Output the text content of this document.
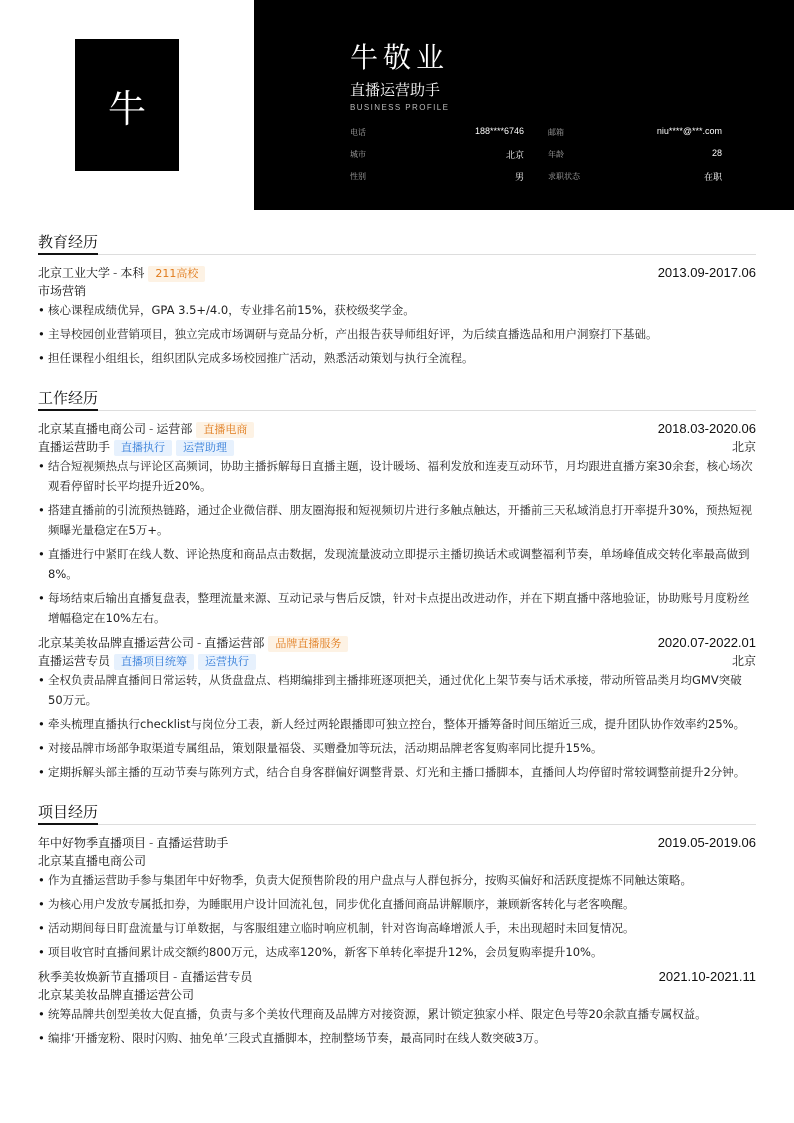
牛
牛敬业
直播运营助手
BUSINESS PROFILE
电话	188****6746	邮箱	niu****@***.com
城市	北京	年龄	28
性别	男	求职状态	在职
教育经历
北京工业大学 - 本科 211高校	2013.09-2017.06
市场营销
• 核心课程成绩优异，GPA 3.5+/4.0，专业排名前15%，获校级奖学金。
• 主导校园创业营销项目，独立完成市场调研与竞品分析，产出报告获导师组好评，为后续直播选品和用户洞察打下基础。
• 担任课程小组组长，组织团队完成多场校园推广活动，熟悉活动策划与执行全流程。
工作经历
北京某直播电商公司 - 运营部 直播电商	2018.03-2020.06
直播运营助手 直播执行 运营助理	北京
• 结合短视频热点与评论区高频词，协助主播拆解每日直播主题，设计暖场、福利发放和连麦互动环节，月均跟进直播方案30余套，核心场次观看停留时长平均提升近20%。
• 搭建直播前的引流预热链路，通过企业微信群、朋友圈海报和短视频切片进行多触点触达，开播前三天私域消息打开率提升30%，预热短视频曝光量稳定在5万+。
• 直播进行中紧盯在线人数、评论热度和商品点击数据，发现流量波动立即提示主播切换话术或调整福利节奏，单场峰值成交转化率最高做到8%。
• 每场结束后输出直播复盘表，整理流量来源、互动记录与售后反馈，针对卡点提出改进动作，并在下期直播中落地验证，协助账号月度粉丝增幅稳定在10%左右。
北京某美妆品牌直播运营公司 - 直播运营部 品牌直播服务	2020.07-2022.01
直播运营专员 直播项目统筹 运营执行	北京
• 全权负责品牌直播间日常运转，从货盘盘点、档期编排到主播排班逐项把关，通过优化上架节奏与话术承接，带动所管品类月均GMV突破50万元。
• 牵头梳理直播执行checklist与岗位分工表，新人经过两轮跟播即可独立控台，整体开播筹备时间压缩近三成，提升团队协作效率约25%。
• 对接品牌市场部争取渠道专属组品，策划限量福袋、买赠叠加等玩法，活动期品牌老客复购率同比提升15%。
• 定期拆解头部主播的互动节奏与陈列方式，结合自身客群偏好调整背景、灯光和主播口播脚本，直播间人均停留时常较调整前提升2分钟。
项目经历
年中好物季直播项目 - 直播运营助手	2019.05-2019.06
北京某直播电商公司
• 作为直播运营助手参与集团年中好物季，负责大促预售阶段的用户盘点与人群包拆分，按购买偏好和活跃度提炼不同触达策略。
• 为核心用户发放专属抵扣券，为睡眠用户设计回流礼包，同步优化直播间商品讲解顺序，兼顾新客转化与老客唤醒。
• 活动期间每日盯盘流量与订单数据，与客服组建立临时响应机制，针对咨询高峰增派人手，未出现超时未回复情况。
• 项目收官时直播间累计成交额约800万元，达成率120%，新客下单转化率提升12%，会员复购率提升10%。
秋季美妆焕新节直播项目 - 直播运营专员	2021.10-2021.11
北京某美妆品牌直播运营公司
• 统筹品牌共创型美妆大促直播，负责与多个美妆代理商及品牌方对接资源，累计锁定独家小样、限定色号等20余款直播专属权益。
• 编排‘开播宠粉、限时闪购、抽免单’三段式直播脚本，控制整场节奏，最高同时在线人数突破3万。
